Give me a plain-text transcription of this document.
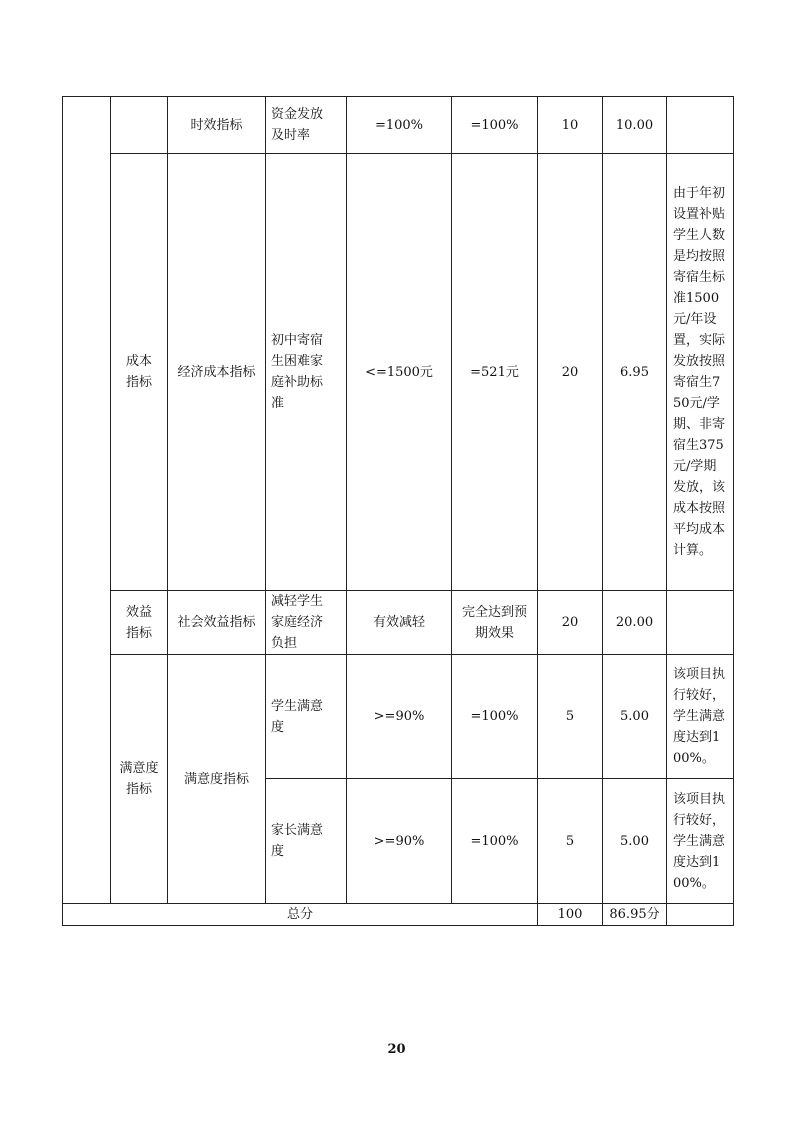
		时效指标	资金发放及时率	=100%	=100%	10	10.00	
	成本指标	经济成本指标	初中寄宿生困难家庭补助标准	<=1500元	=521元	20	6.95	由于年初设置补贴学生人数是均按照寄宿生标准1500元/年设置，实际发放按照寄宿生750元/学期、非寄宿生375元/学期发放，该成本按照平均成本计算。

	效益指标	社会效益指标	减轻学生家庭经济负担	有效减轻	完全达到预期效果	20	20.00	
	满意度指标	满意度指标	学生满意度	>=90%	=100%	5	5.00	该项目执行较好，学生满意度达到100%。

			家长满意度	>=90%	=100%	5	5.00	该项目执行较好，学生满意度达到100%。

总分						100	86.95分	
20
